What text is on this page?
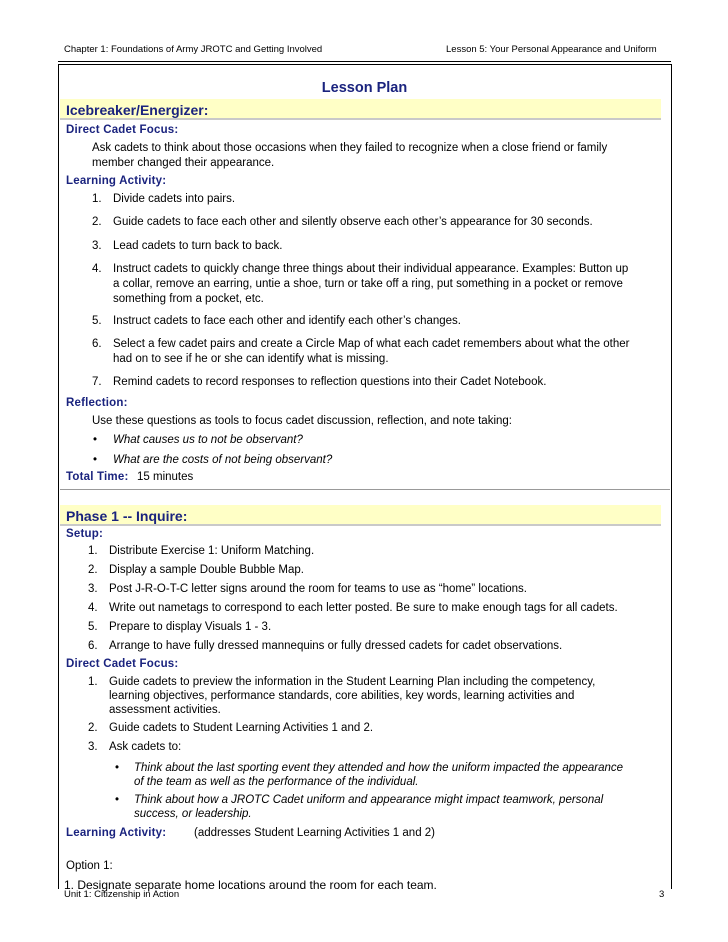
Chapter 1: Foundations of Army JROTC and Getting Involved	Lesson 5: Your Personal Appearance and Uniform
Lesson Plan
Icebreaker/Energizer:
Direct Cadet Focus:
Ask cadets to think about those occasions when they failed to recognize when a close friend or family
member changed their appearance.
Learning Activity:
1. Divide cadets into pairs.
2. Guide cadets to face each other and silently observe each other’s appearance for 30 seconds.
3. Lead cadets to turn back to back.
4. Instruct cadets to quickly change three things about their individual appearance. Examples: Button up
a collar, remove an earring, untie a shoe, turn or take off a ring, put something in a pocket or remove
something from a pocket, etc.
5. Instruct cadets to face each other and identify each other’s changes.
6. Select a few cadet pairs and create a Circle Map of what each cadet remembers about what the other
had on to see if he or she can identify what is missing.
7. Remind cadets to record responses to reflection questions into their Cadet Notebook.
Reflection:
Use these questions as tools to focus cadet discussion, reflection, and note taking:
• What causes us to not be observant?
• What are the costs of not being observant?
Total Time: 15 minutes
Phase 1 -- Inquire:
Setup:
1. Distribute Exercise 1: Uniform Matching.
2. Display a sample Double Bubble Map.
3. Post J-R-O-T-C letter signs around the room for teams to use as “home” locations.
4. Write out nametags to correspond to each letter posted. Be sure to make enough tags for all cadets.
5. Prepare to display Visuals 1 - 3.
6. Arrange to have fully dressed mannequins or fully dressed cadets for cadet observations.
Direct Cadet Focus:
1. Guide cadets to preview the information in the Student Learning Plan including the competency,
learning objectives, performance standards, core abilities, key words, learning activities and
assessment activities.
2. Guide cadets to Student Learning Activities 1 and 2.
3. Ask cadets to:
• Think about the last sporting event they attended and how the uniform impacted the appearance
of the team as well as the performance of the individual.
• Think about how a JROTC Cadet uniform and appearance might impact teamwork, personal
success, or leadership.
Learning Activity: (addresses Student Learning Activities 1 and 2)
Option 1:
1. Designate separate home locations around the room for each team.
Unit 1: Citizenship in Action	3
